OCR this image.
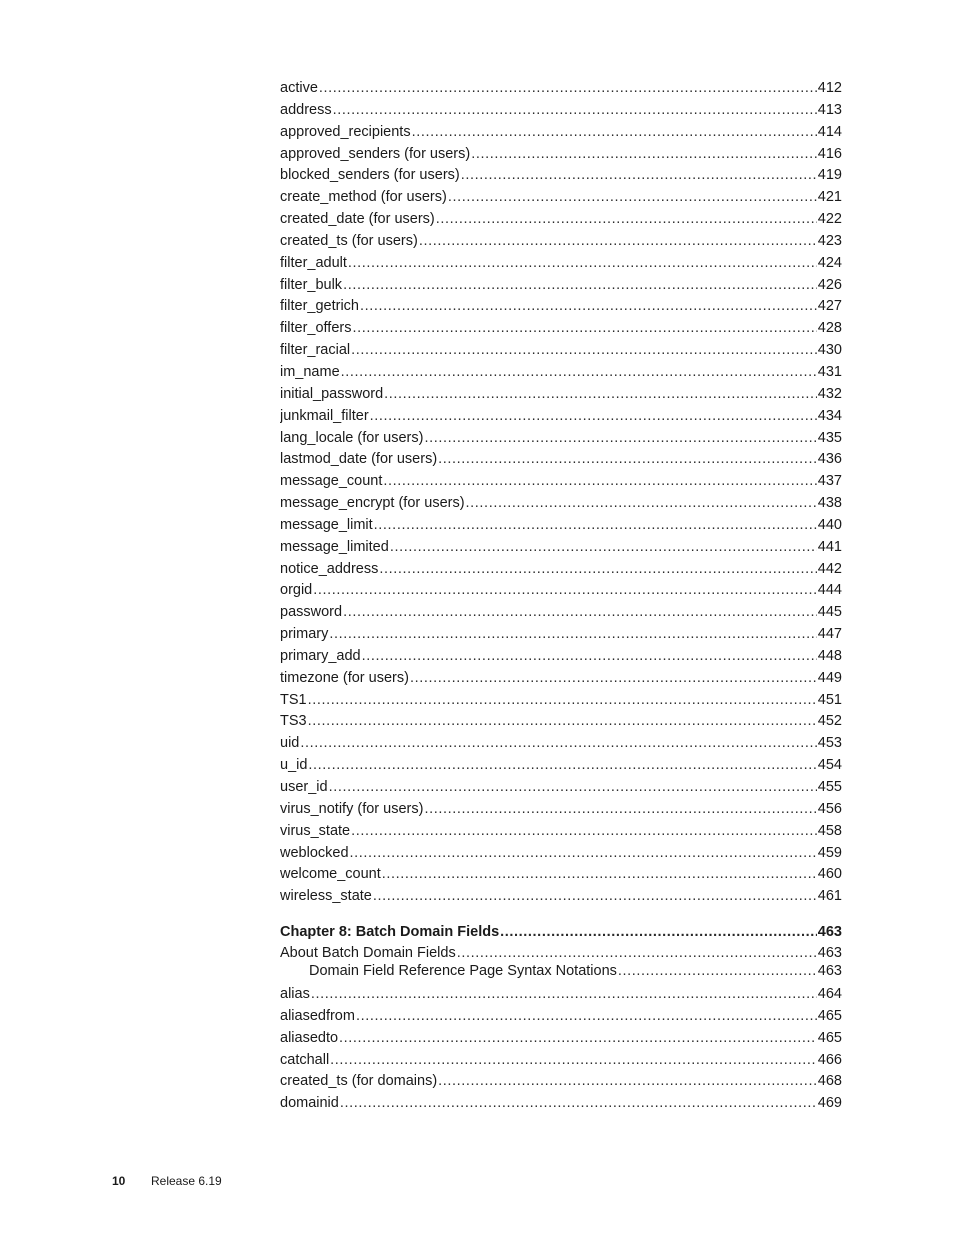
active .....	412
address .....	413
approved_recipients .....	414
approved_senders (for users) .....	416
blocked_senders (for users) .....	419
create_method (for users) .....	421
created_date (for users) .....	422
created_ts (for users) .....	423
filter_adult .....	424
filter_bulk .....	426
filter_getrich .....	427
filter_offers .....	428
filter_racial .....	430
im_name .....	431
initial_password .....	432
junkmail_filter .....	434
lang_locale (for users) .....	435
lastmod_date (for users) .....	436
message_count .....	437
message_encrypt (for users) .....	438
message_limit .....	440
message_limited .....	441
notice_address .....	442
orgid .....	444
password .....	445
primary .....	447
primary_add .....	448
timezone (for users) .....	449
TS1 .....	451
TS3 .....	452
uid .....	453
u_id .....	454
user_id .....	455
virus_notify (for users) .....	456
virus_state .....	458
weblocked .....	459
welcome_count .....	460
wireless_state .....	461
Chapter 8: Batch Domain Fields .....	463
About Batch Domain Fields .....	463
Domain Field Reference Page Syntax Notations .....	463
alias .....	464
aliasedfrom .....	465
aliasedto .....	465
catchall .....	466
created_ts (for domains) .....	468
domainid .....	469
10 Release 6.19
